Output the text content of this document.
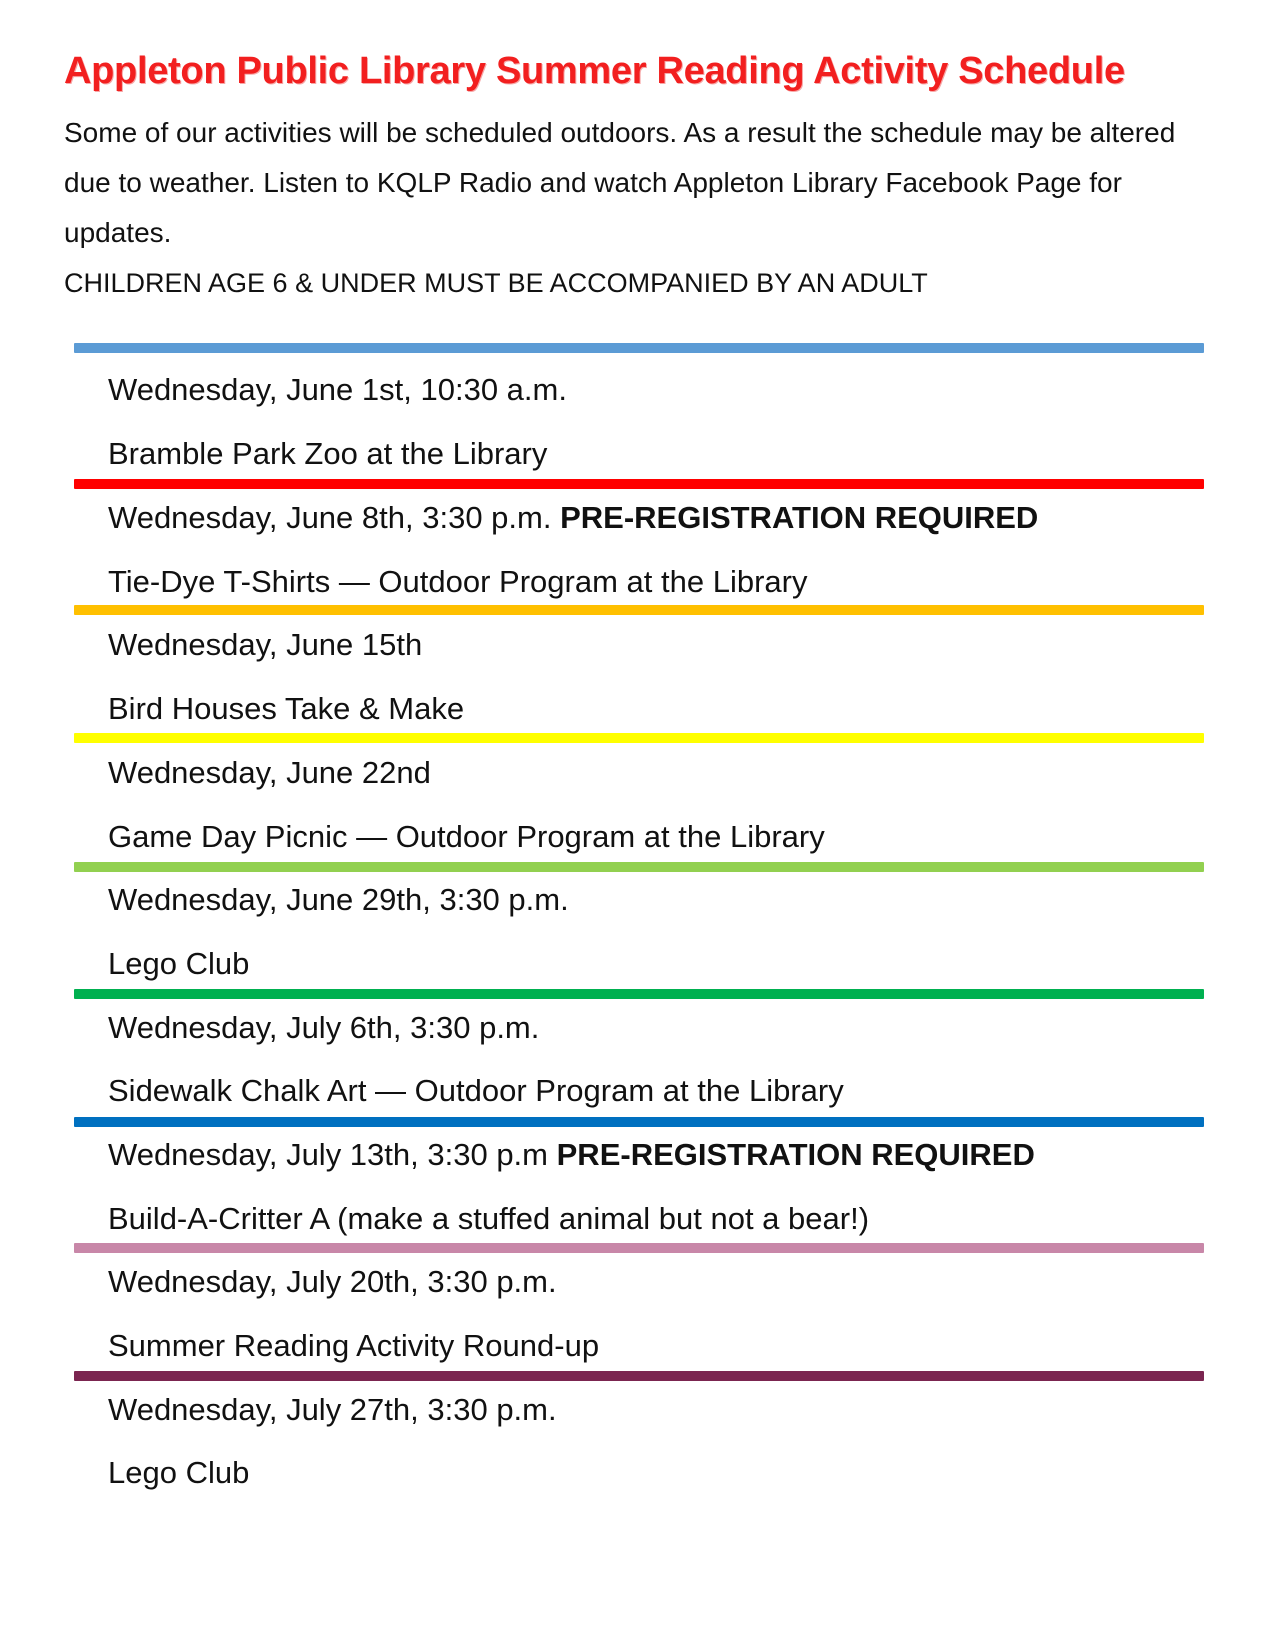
Appleton Public Library Summer Reading Activity Schedule

Some of our activities will be scheduled outdoors. As a result the schedule may be altered due to weather. Listen to KQLP Radio and watch Appleton Library Facebook Page for updates.
CHILDREN AGE 6 & UNDER MUST BE ACCOMPANIED BY AN ADULT

Wednesday, June 1st, 10:30 a.m.
Bramble Park Zoo at the Library
Wednesday, June 8th, 3:30 p.m. PRE-REGISTRATION REQUIRED
Tie-Dye T-Shirts — Outdoor Program at the Library
Wednesday, June 15th
Bird Houses Take & Make
Wednesday, June 22nd
Game Day Picnic — Outdoor Program at the Library
Wednesday, June 29th, 3:30 p.m.
Lego Club
Wednesday, July 6th, 3:30 p.m.
Sidewalk Chalk Art — Outdoor Program at the Library
Wednesday, July 13th, 3:30 p.m PRE-REGISTRATION REQUIRED
Build-A-Critter A (make a stuffed animal but not a bear!)
Wednesday, July 20th, 3:30 p.m.
Summer Reading Activity Round-up
Wednesday, July 27th, 3:30 p.m.
Lego Club
